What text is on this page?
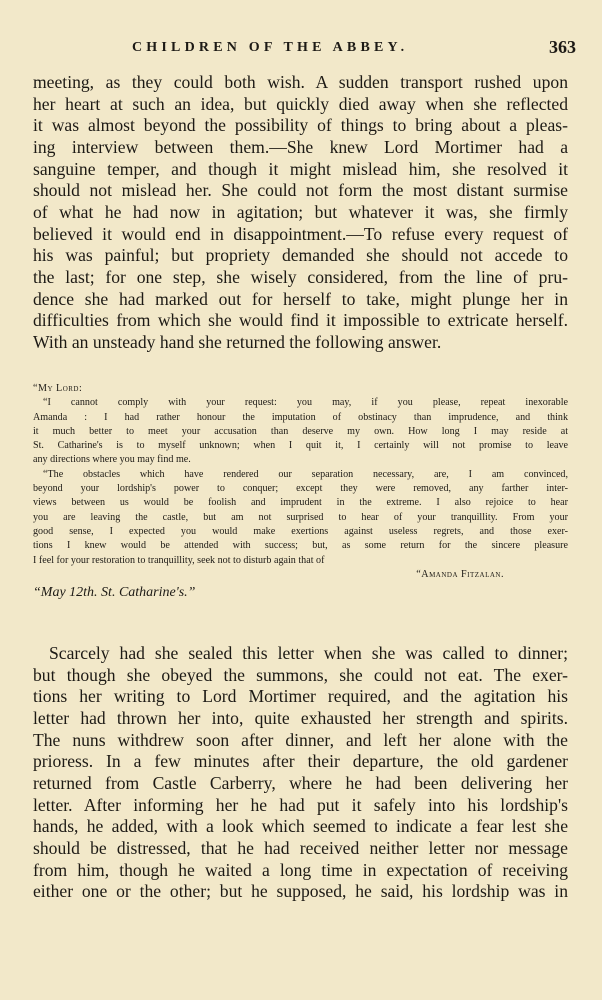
CHILDREN OF THE ABBEY.	363
meeting, as they could both wish. A sudden transport rushed upon
her heart at such an idea, but quickly died away when she reflected
it was almost beyond the possibility of things to bring about a pleas-
ing interview between them.—She knew Lord Mortimer had a
sanguine temper, and though it might mislead him, she resolved it
should not mislead her. She could not form the most distant surmise
of what he had now in agitation; but whatever it was, she firmly
believed it would end in disappointment.—To refuse every request of
his was painful; but propriety demanded she should not accede to
the last; for one step, she wisely considered, from the line of pru-
dence she had marked out for herself to take, might plunge her in
difficulties from which she would find it impossible to extricate herself.
With an unsteady hand she returned the following answer.
“My Lord:
“I cannot comply with your request: you may, if you please, repeat inexorable
Amanda : I had rather honour the imputation of obstinacy than imprudence, and think
it much better to meet your accusation than deserve my own. How long I may reside at
St. Catharine's is to myself unknown; when I quit it, I certainly will not promise to leave
any directions where you may find me.
“The obstacles which have rendered our separation necessary, are, I am convinced,
beyond your lordship's power to conquer; except they were removed, any farther inter-
views between us would be foolish and imprudent in the extreme. I also rejoice to hear
you are leaving the castle, but am not surprised to hear of your tranquillity. From your
good sense, I expected you would make exertions against useless regrets, and those exer-
tions I knew would be attended with success; but, as some return for the sincere pleasure
I feel for your restoration to tranquillity, seek not to disturb again that of
“Amanda Fitzalan.
“May 12th. St. Catharine's.”
Scarcely had she sealed this letter when she was called to dinner;
but though she obeyed the summons, she could not eat. The exer-
tions her writing to Lord Mortimer required, and the agitation his
letter had thrown her into, quite exhausted her strength and spirits.
The nuns withdrew soon after dinner, and left her alone with the
prioress. In a few minutes after their departure, the old gardener
returned from Castle Carberry, where he had been delivering her
letter. After informing her he had put it safely into his lordship's
hands, he added, with a look which seemed to indicate a fear lest she
should be distressed, that he had received neither letter nor message
from him, though he waited a long time in expectation of receiving
either one or the other; but he supposed, he said, his lordship was in
